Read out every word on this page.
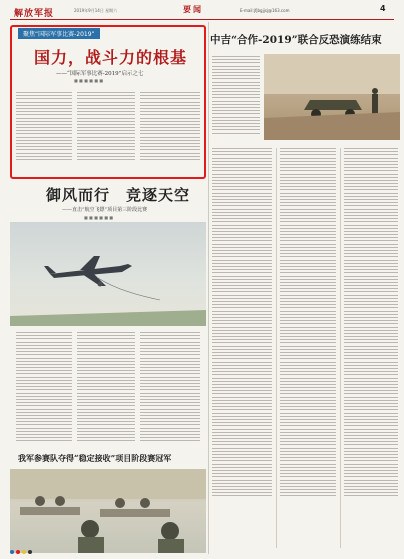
解放军报	2019年9月14日 星期六	要闻	E-mail:jfjbgjjsj@163.com	4
聚焦“国际军事比赛-2019”
国力，战斗力的根基
——“国际军事比赛-2019”启示之七
■ ■ ■ ■ ■ ■
御风而行　竞逐天空
——直击“航空飞镖”项目第三阶段比赛
■ ■ ■ ■ ■ ■
我军参赛队夺得“稳定接收”项目阶段赛冠军
中吉“合作-2019”联合反恐演练结束
